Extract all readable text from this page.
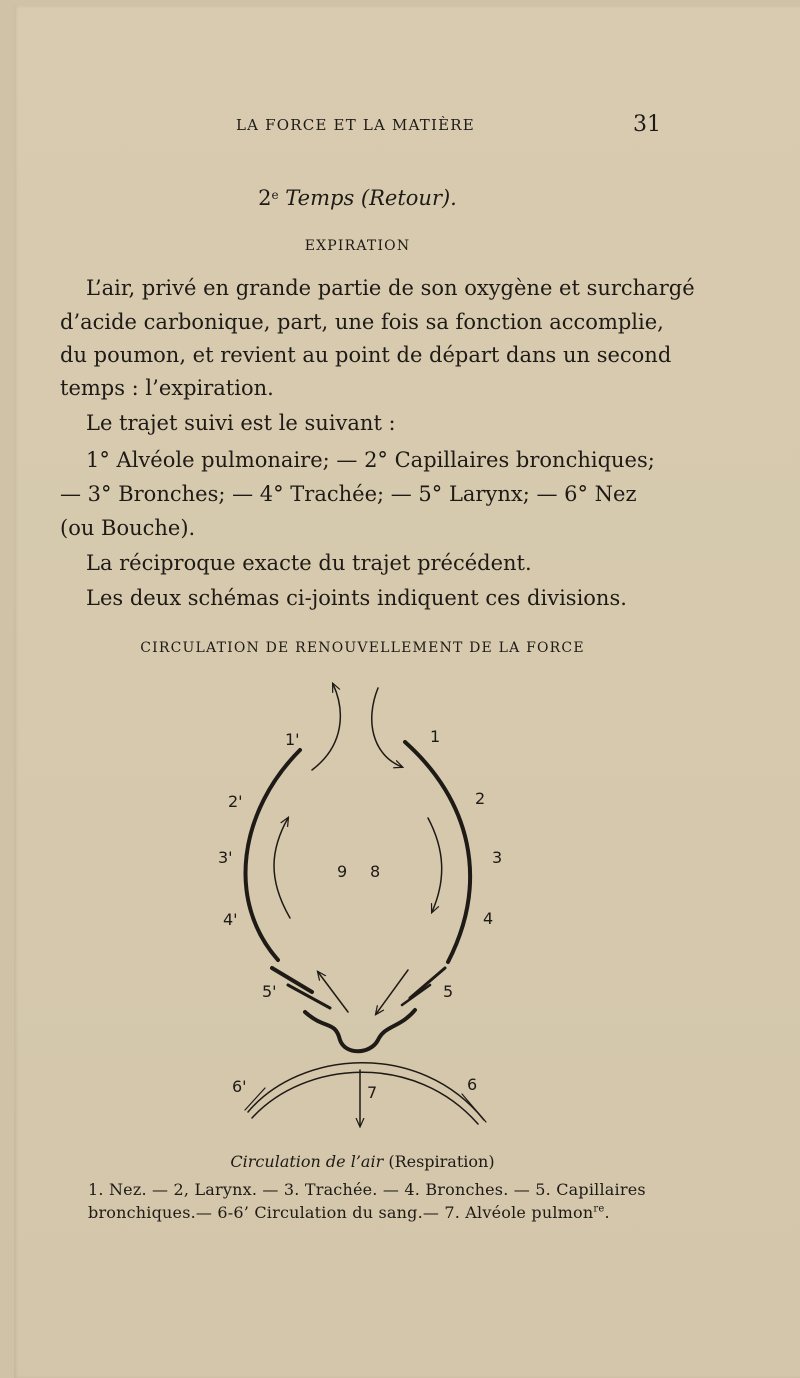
LA FORCE ET LA MATIÈRE	31
2e Temps (Retour).
EXPIRATION
L’air, privé en grande partie de son oxygène et surchargé
d’acide carbonique, part, une fois sa fonction accomplie,
du poumon, et revient au point de départ dans un second
temps : l’expiration.
Le trajet suivi est le suivant :
1° Alvéole pulmonaire; — 2° Capillaires bronchiques;
— 3° Bronches; — 4° Trachée; — 5° Larynx; — 6° Nez
(ou Bouche).
La réciproque exacte du trajet précédent.
Les deux schémas ci-joints indiquent ces divisions.
CIRCULATION DE RENOUVELLEMENT DE LA FORCE
1'	1
2'	2
3'	3
4'	4
5'	5
6'	6
7
9 8
Circulation de l’air (Respiration)
1. Nez. — 2, Larynx. — 3. Trachée. — 4. Bronches. — 5. Capillaires
bronchiques.— 6-6’ Circulation du sang.— 7. Alvéole pulmon$^{re}$.
